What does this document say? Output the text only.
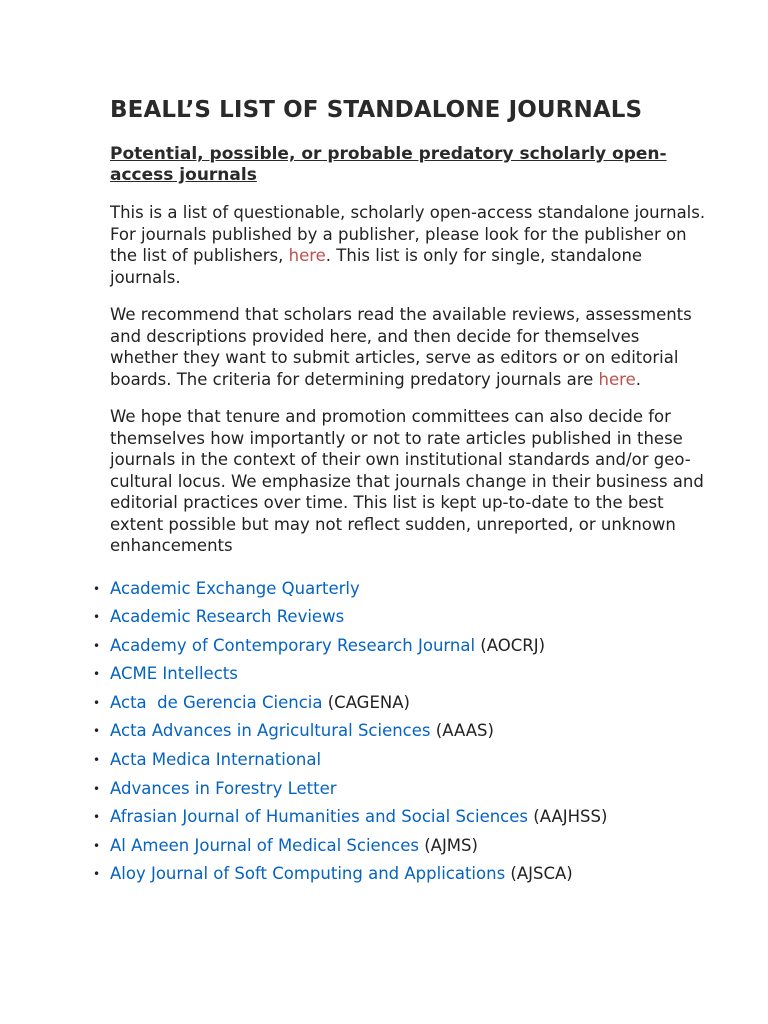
BEALL’S LIST OF STANDALONE JOURNALS
Potential, possible, or probable predatory scholarly open-access journals

This is a list of questionable, scholarly open-access standalone journals. For journals published by a publisher, please look for the publisher on the list of publishers, here. This list is only for single, standalone journals.

We recommend that scholars read the available reviews, assessments and descriptions provided here, and then decide for themselves whether they want to submit articles, serve as editors or on editorial boards. The criteria for determining predatory journals are here.

We hope that tenure and promotion committees can also decide for themselves how importantly or not to rate articles published in these journals in the context of their own institutional standards and/or geo-cultural locus. We emphasize that journals change in their business and editorial practices over time. This list is kept up-to-date to the best extent possible but may not reflect sudden, unreported, or unknown enhancements

• Academic Exchange Quarterly
• Academic Research Reviews
• Academy of Contemporary Research Journal (AOCRJ)
• ACME Intellects
• Acta  de Gerencia Ciencia (CAGENA)
• Acta Advances in Agricultural Sciences (AAAS)
• Acta Medica International
• Advances in Forestry Letter
• Afrasian Journal of Humanities and Social Sciences (AAJHSS)
• Al Ameen Journal of Medical Sciences (AJMS)
• Aloy Journal of Soft Computing and Applications (AJSCA)
